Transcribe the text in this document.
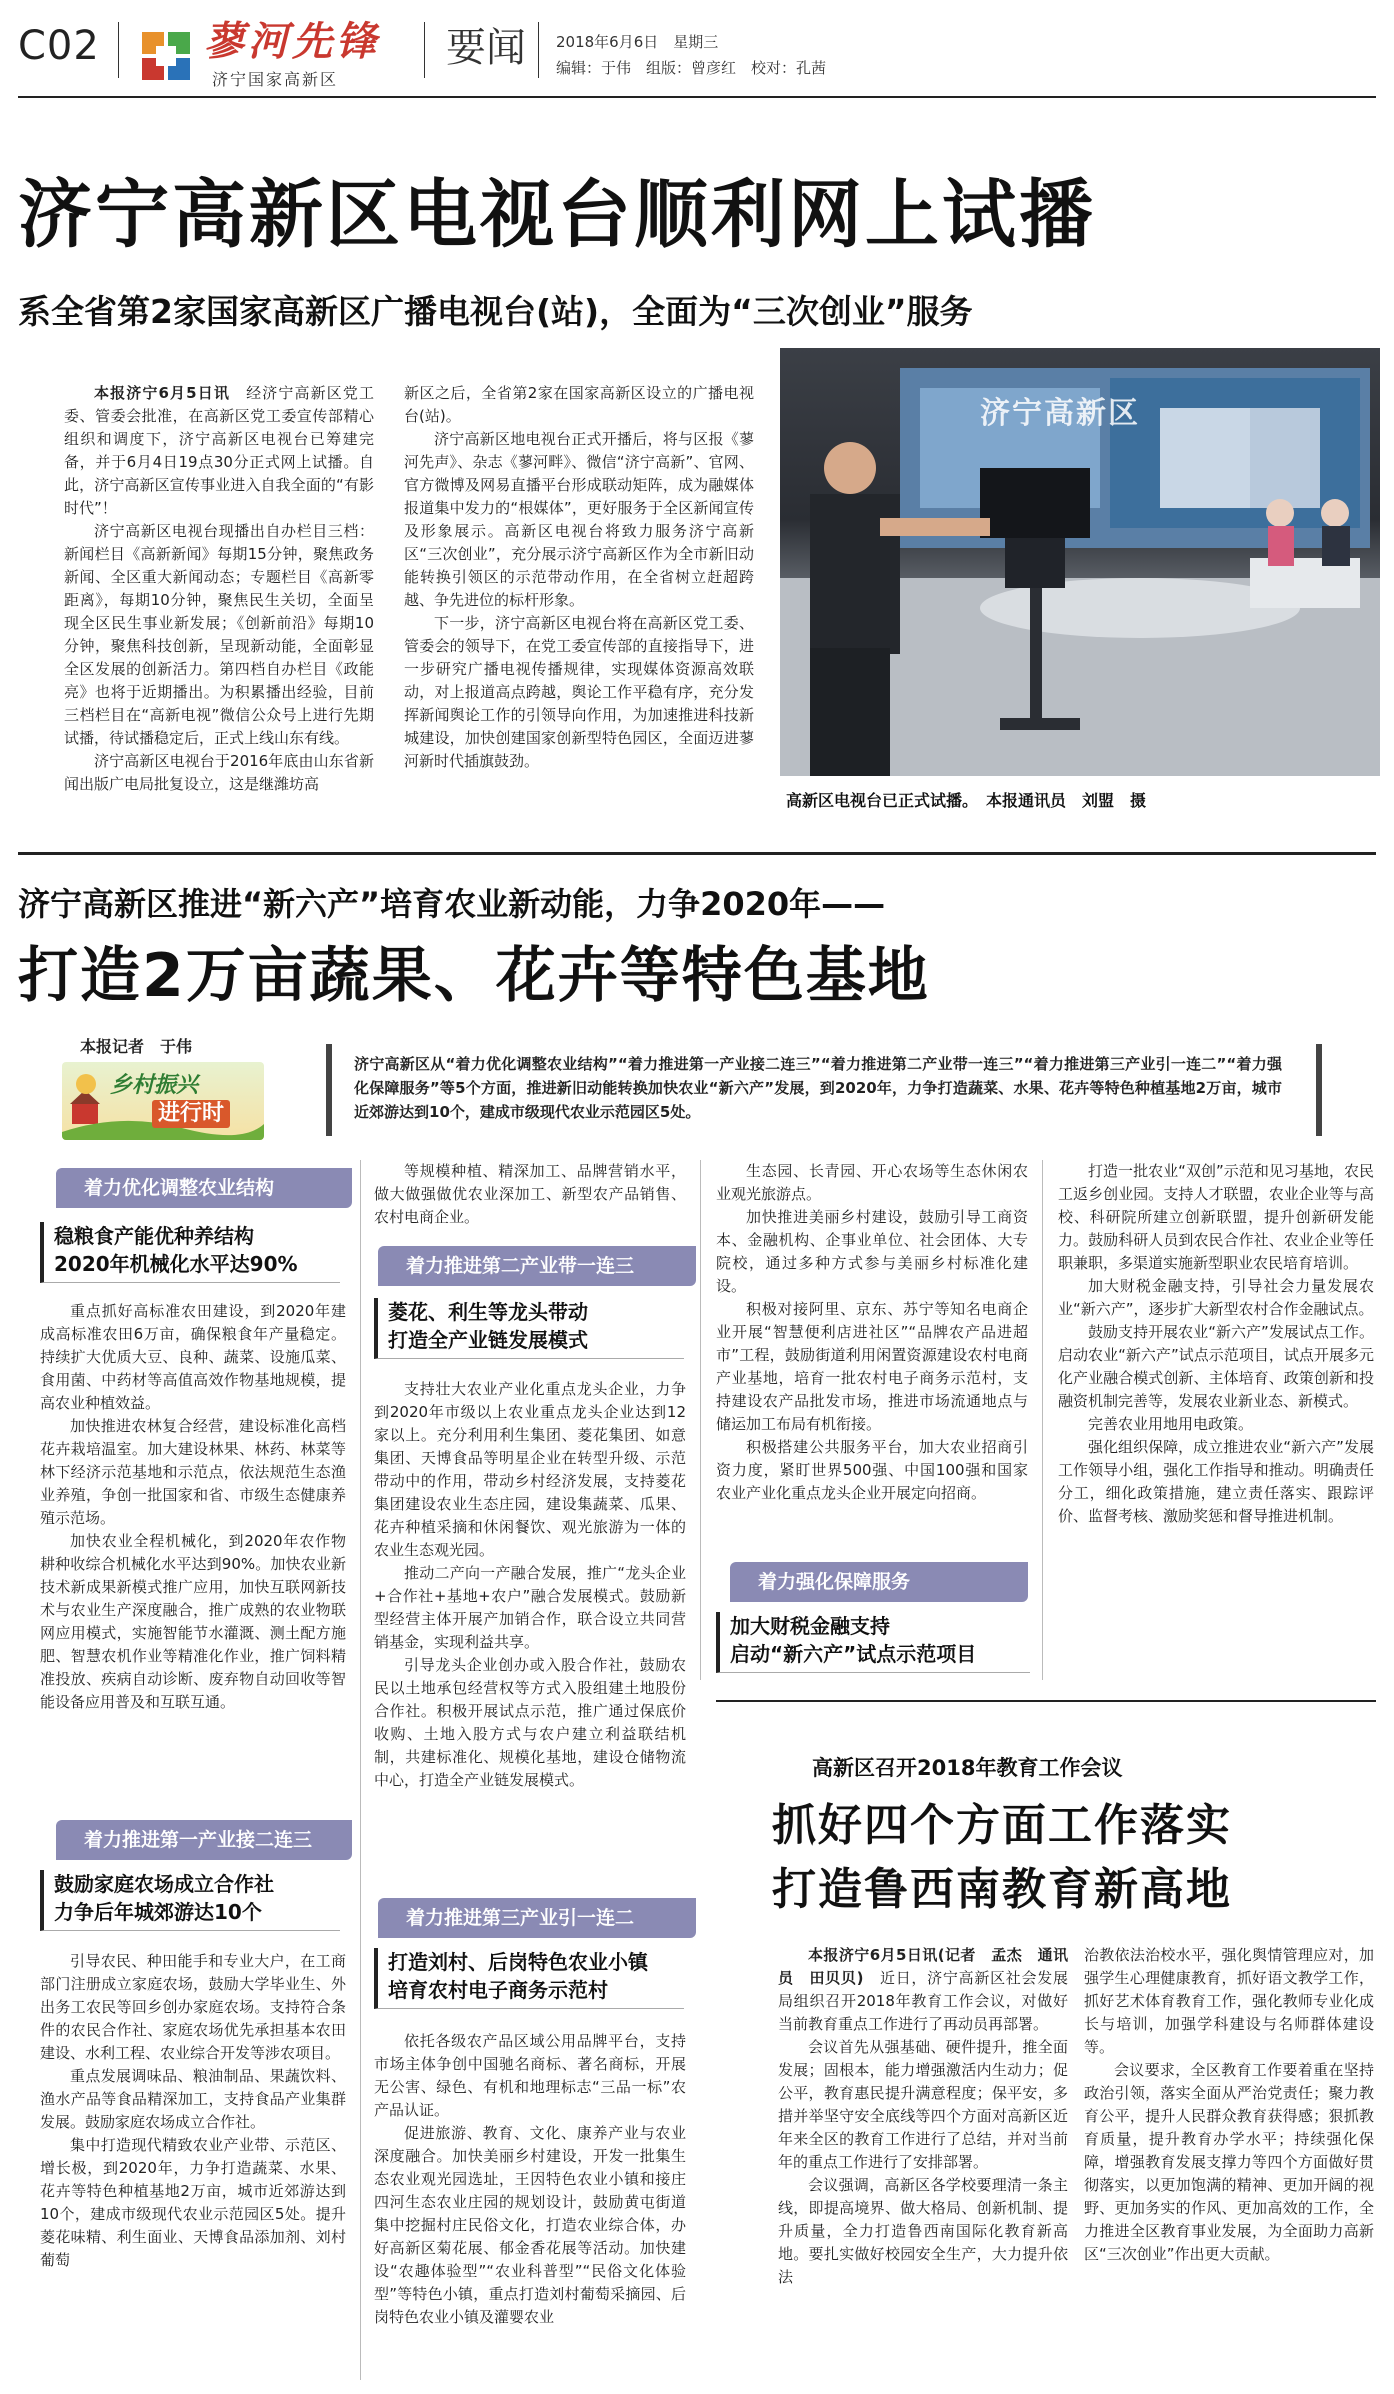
C02	蓼河先锋
济宁国家高新区
要闻 2018年6月6日　星期三
编辑：于伟　组版：曾彦红　校对：孔茜
济宁高新区电视台顺利网上试播
系全省第2家国家高新区广播电视台(站)，全面为“三次创业”服务

本报济宁6月5日讯　 经济宁高新区党工委、管委会批准，在高新区党工委宣传部精心组织和调度下，济宁高新区电视台已筹建完备，并于6月4日19点30分正式网上试播。自此，济宁高新区宣传事业进入自我全面的“有影时代”！

济宁高新区电视台现播出自办栏目三档：新闻栏目《高新新闻》每期15分钟，聚焦政务新闻、全区重大新闻动态；专题栏目《高新零距离》，每期10分钟，聚焦民生关切，全面呈现全区民生事业新发展；《创新前沿》每期10分钟，聚焦科技创新，呈现新动能，全面彰显全区发展的创新活力。第四档自办栏目《政能亮》也将于近期播出。为积累播出经验，目前三档栏目在“高新电视”微信公众号上进行先期试播，待试播稳定后，正式上线山东有线。

济宁高新区电视台于2016年底由山东省新闻出版广电局批复设立，这是继潍坊高

新区之后，全省第2家在国家高新区设立的广播电视台(站)。

济宁高新区地电视台正式开播后，将与区报《蓼河先声》、杂志《蓼河畔》、微信“济宁高新”、官网、官方微博及网易直播平台形成联动矩阵，成为融媒体报道集中发力的“根媒体”，更好服务于全区新闻宣传及形象展示。高新区电视台将致力服务济宁高新区“三次创业”，充分展示济宁高新区作为全市新旧动能转换引领区的示范带动作用，在全省树立赶超跨越、争先进位的标杆形象。

下一步，济宁高新区电视台将在高新区党工委、管委会的领导下，在党工委宣传部的直接指导下，进一步研究广播电视传播规律，实现媒体资源高效联动，对上报道高点跨越，舆论工作平稳有序，充分发挥新闻舆论工作的引领导向作用，为加速推进科技新城建设，加快创建国家创新型特色园区，全面迈进蓼河新时代插旗鼓劲。

济宁高新区
高新区电视台已正式试播。　本报通讯员　刘盟　摄
济宁高新区推进“新六产”培育农业新动能，力争2020年——
打造2万亩蔬果、花卉等特色基地
本报记者　于伟
乡村振兴
进行时
济宁高新区从“着力优化调整农业结构”“着力推进第一产业接二连三”“着力推进第二产业带一连三”“着力推进第三产业引一连二”“着力强化保障服务”等5个方面，推进新旧动能转换加快农业“新六产”发展，到2020年，力争打造蔬菜、水果、花卉等特色种植基地2万亩，城市近郊游达到10个，建成市级现代农业示范园区5处。
着力优化调整农业结构
稳粮食产能优种养结构
2020年机械化水平达90%

重点抓好高标准农田建设，到2020年建成高标准农田6万亩，确保粮食年产量稳定。持续扩大优质大豆、良种、蔬菜、设施瓜菜、食用菌、中药材等高值高效作物基地规模，提高农业种植效益。

加快推进农林复合经营，建设标准化高档花卉栽培温室。加大建设林果、林药、林菜等林下经济示范基地和示范点，依法规范生态渔业养殖，争创一批国家和省、市级生态健康养殖示范场。

加快农业全程机械化，到2020年农作物耕种收综合机械化水平达到90%。加快农业新技术新成果新模式推广应用，加快互联网新技术与农业生产深度融合，推广成熟的农业物联网应用模式，实施智能节水灌溉、测土配方施肥、智慧农机作业等精准化作业，推广饲料精准投放、疾病自动诊断、废弃物自动回收等智能设备应用普及和互联互通。

着力推进第一产业接二连三
鼓励家庭农场成立合作社
力争后年城郊游达10个

引导农民、种田能手和专业大户，在工商部门注册成立家庭农场，鼓励大学毕业生、外出务工农民等回乡创办家庭农场。支持符合条件的农民合作社、家庭农场优先承担基本农田建设、水利工程、农业综合开发等涉农项目。

重点发展调味品、粮油制品、果蔬饮料、渔水产品等食品精深加工，支持食品产业集群发展。鼓励家庭农场成立合作社。

集中打造现代精致农业产业带、示范区、增长极，到2020年，力争打造蔬菜、水果、花卉等特色种植基地2万亩，城市近郊游达到10个，建成市级现代农业示范园区5处。提升菱花味精、利生面业、天博食品添加剂、刘村葡萄

等规模种植、精深加工、品牌营销水平，做大做强做优农业深加工、新型农产品销售、农村电商企业。

着力推进第二产业带一连三
菱花、利生等龙头带动
打造全产业链发展模式

支持壮大农业产业化重点龙头企业，力争到2020年市级以上农业重点龙头企业达到12家以上。充分利用利生集团、菱花集团、如意集团、天博食品等明星企业在转型升级、示范带动中的作用，带动乡村经济发展，支持菱花集团建设农业生态庄园，建设集蔬菜、瓜果、花卉种植采摘和休闲餐饮、观光旅游为一体的农业生态观光园。

推动二产向一产融合发展，推广“龙头企业+合作社+基地+农户”融合发展模式。鼓励新型经营主体开展产加销合作，联合设立共同营销基金，实现利益共享。

引导龙头企业创办或入股合作社，鼓励农民以土地承包经营权等方式入股组建土地股份合作社。积极开展试点示范，推广通过保底价收购、土地入股方式与农户建立利益联结机制，共建标准化、规模化基地，建设仓储物流中心，打造全产业链发展模式。

着力推进第三产业引一连二
打造刘村、后岗特色农业小镇
培育农村电子商务示范村

依托各级农产品区域公用品牌平台，支持市场主体争创中国驰名商标、著名商标，开展无公害、绿色、有机和地理标志“三品一标”农产品认证。

促进旅游、教育、文化、康养产业与农业深度融合。加快美丽乡村建设，开发一批集生态农业观光园选址，王因特色农业小镇和接庄四河生态农业庄园的规划设计，鼓励黄屯街道集中挖掘村庄民俗文化，打造农业综合体，办好高新区菊花展、郁金香花展等活动。加快建设“农趣体验型”“农业科普型”“民俗文化体验型”等特色小镇，重点打造刘村葡萄采摘园、后岗特色农业小镇及灌婴农业

生态园、长青园、开心农场等生态休闲农业观光旅游点。

加快推进美丽乡村建设，鼓励引导工商资本、金融机构、企事业单位、社会团体、大专院校，通过多种方式参与美丽乡村标准化建设。

积极对接阿里、京东、苏宁等知名电商企业开展“智慧便利店进社区”“品牌农产品进超市”工程，鼓励街道利用闲置资源建设农村电商产业基地，培育一批农村电子商务示范村，支持建设农产品批发市场，推进市场流通地点与储运加工布局有机衔接。

积极搭建公共服务平台，加大农业招商引资力度，紧盯世界500强、中国100强和国家农业产业化重点龙头企业开展定向招商。

着力强化保障服务
加大财税金融支持
启动“新六产”试点示范项目

打造一批农业“双创”示范和见习基地，农民工返乡创业园。支持人才联盟，农业企业等与高校、科研院所建立创新联盟，提升创新研发能力。鼓励科研人员到农民合作社、农业企业等任职兼职，多渠道实施新型职业农民培育培训。

加大财税金融支持，引导社会力量发展农业“新六产”，逐步扩大新型农村合作金融试点。

鼓励支持开展农业“新六产”发展试点工作。启动农业“新六产”试点示范项目，试点开展多元化产业融合模式创新、主体培育、政策创新和投融资机制完善等，发展农业新业态、新模式。

完善农业用地用电政策。

强化组织保障，成立推进农业“新六产”发展工作领导小组，强化工作指导和推动。明确责任分工，细化政策措施，建立责任落实、跟踪评价、监督考核、激励奖惩和督导推进机制。

高新区召开2018年教育工作会议
抓好四个方面工作落实
打造鲁西南教育新高地

本报济宁6月5日讯(记者　孟杰　通讯员　田贝贝)　 近日，济宁高新区社会发展局组织召开2018年教育工作会议，对做好当前教育重点工作进行了再动员再部署。

会议首先从强基础、硬件提升，推全面发展；固根本，能力增强激活内生动力；促公平，教育惠民提升满意程度；保平安，多措并举坚守安全底线等四个方面对高新区近年来全区的教育工作进行了总结，并对当前年的重点工作进行了安排部署。

会议强调，高新区各学校要理清一条主线，即提高境界、做大格局、创新机制、提升质量，全力打造鲁西南国际化教育新高地。要扎实做好校园安全生产，大力提升依法

治教依法治校水平，强化舆情管理应对，加强学生心理健康教育，抓好语文教学工作，抓好艺术体育教育工作，强化教师专业化成长与培训，加强学科建设与名师群体建设等。

会议要求，全区教育工作要着重在坚持政治引领，落实全面从严治党责任；聚力教育公平，提升人民群众教育获得感；狠抓教育质量，提升教育办学水平；持续强化保障，增强教育发展支撑力等四个方面做好贯彻落实，以更加饱满的精神、更加开阔的视野、更加务实的作风、更加高效的工作，全力推进全区教育事业发展，为全面助力高新区“三次创业”作出更大贡献。
